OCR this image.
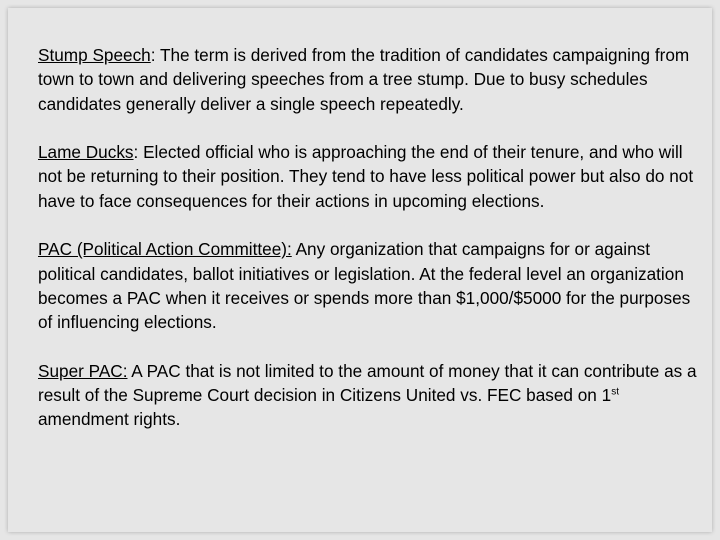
Stump Speech: The term is derived from the tradition of candidates campaigning from town to town and delivering speeches from a tree stump. Due to busy schedules candidates generally deliver a single speech repeatedly.

Lame Ducks: Elected official who is approaching the end of their tenure, and who will not be returning to their position. They tend to have less political power but also do not have to face consequences for their actions in upcoming elections.

PAC (Political Action Committee): Any organization that campaigns for or against political candidates, ballot initiatives or legislation. At the federal level an organization becomes a PAC when it receives or spends more than $1,000/$5000 for the purposes of influencing elections.

Super PAC: A PAC that is not limited to the amount of money that it can contribute as a result of the Supreme Court decision in Citizens United vs. FEC based on 1st amendment rights.
